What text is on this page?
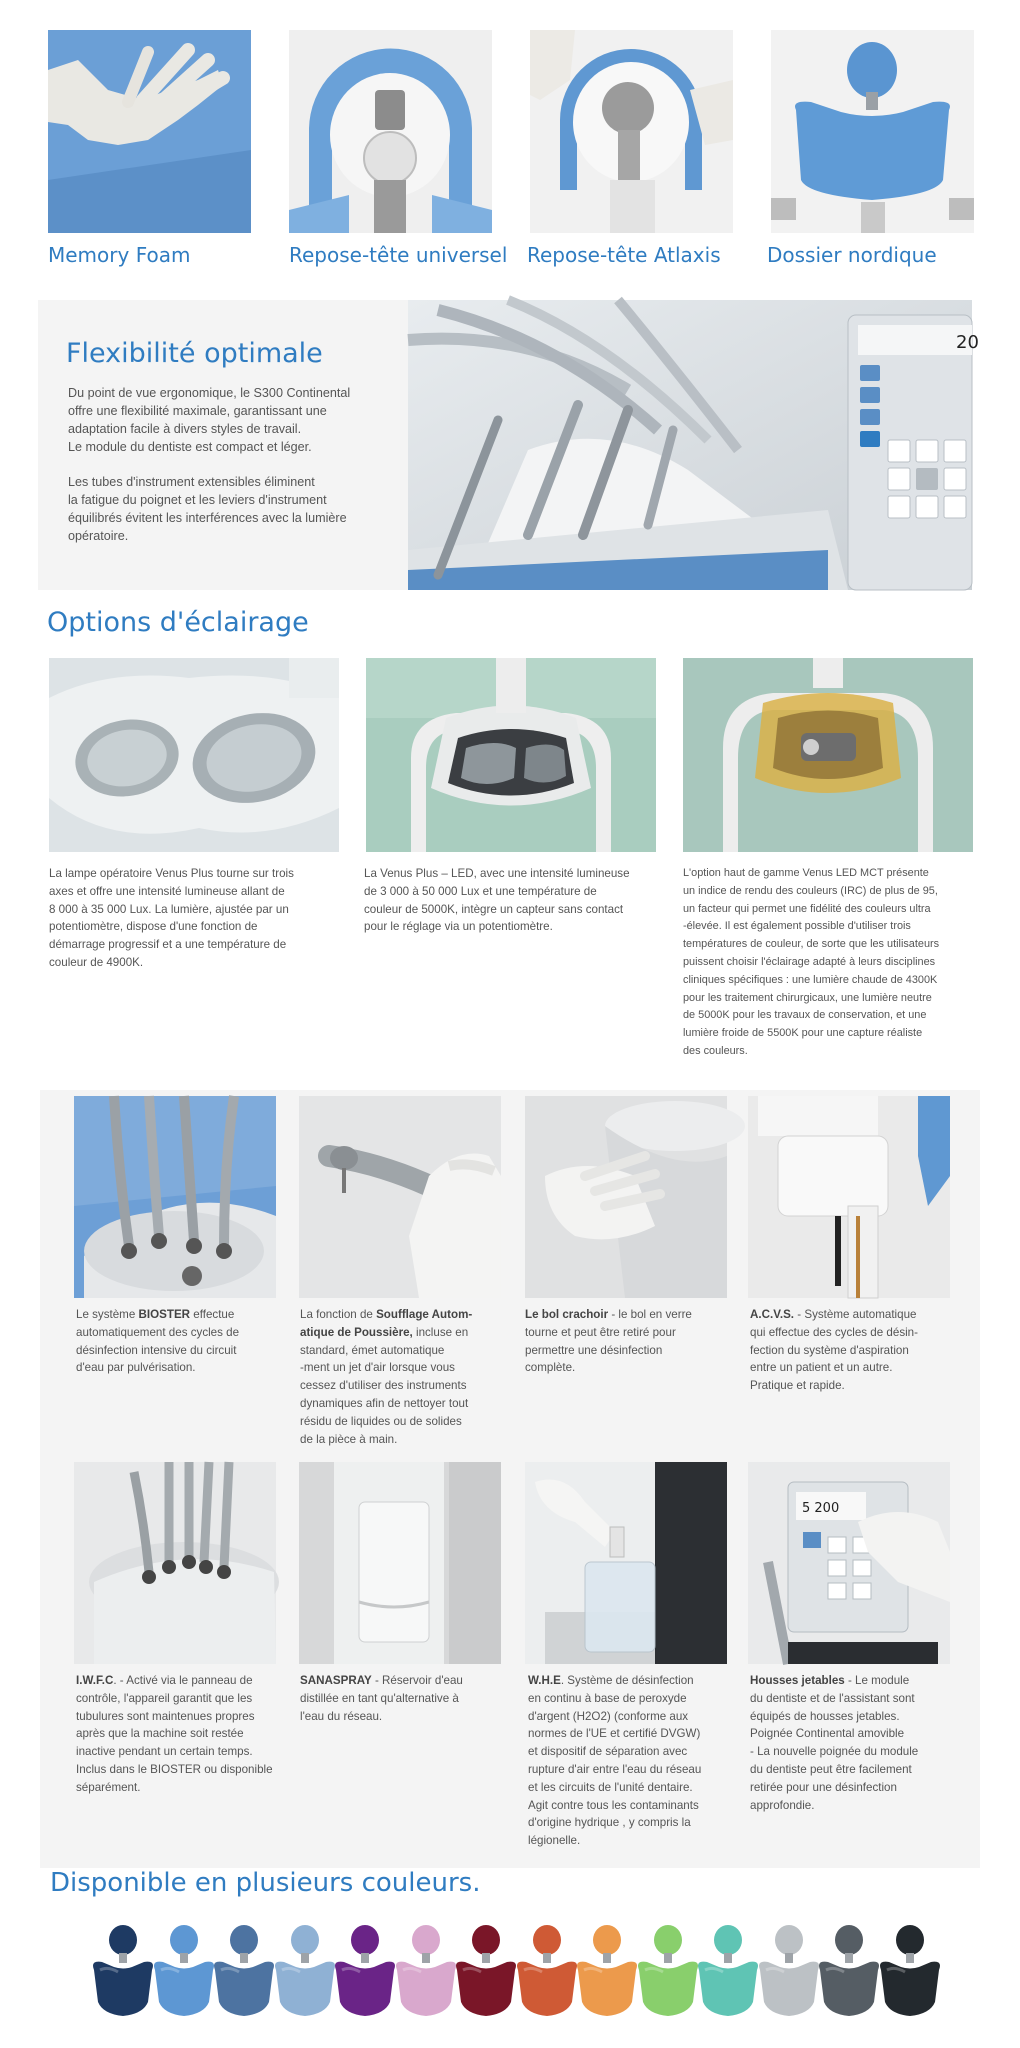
Memory Foam	Repose-tête universel Repose-tête Atlaxis Dossier nordique
Flexibilité optimale
Du point de vue ergonomique, le S300 Continental
offre une flexibilité maximale, garantissant une
adaptation facile à divers styles de travail.
Le module du dentiste est compact et léger.
Les tubes d'instrument extensibles éliminent
la fatigue du poignet et les leviers d'instrument
équilibrés évitent les interférences avec la lumière
opératoire.
20
Options d'éclairage
La lampe opératoire Venus Plus tourne sur trois
axes et offre une intensité lumineuse allant de
8 000 à 35 000 Lux. La lumière, ajustée par un
potentiomètre, dispose d'une fonction de
démarrage progressif et a une température de
couleur de 4900K.
La Venus Plus – LED, avec une intensité lumineuse
de 3 000 à 50 000 Lux et une température de
couleur de 5000K, intègre un capteur sans contact
pour le réglage via un potentiomètre.
L'option haut de gamme Venus LED MCT présente
un indice de rendu des couleurs (IRC) de plus de 95,
un facteur qui permet une fidélité des couleurs ultra
-élevée. Il est également possible d'utiliser trois
températures de couleur, de sorte que les utilisateurs
puissent choisir l'éclairage adapté à leurs disciplines
cliniques spécifiques : une lumière chaude de 4300K
pour les traitement chirurgicaux, une lumière neutre
de 5000K pour les travaux de conservation, et une
lumière froide de 5500K pour une capture réaliste
des couleurs.
Le système BIOSTER effectue
automatiquement des cycles de
désinfection intensive du circuit
d'eau par pulvérisation.
La fonction de Soufflage Autom-
atique de Poussière, incluse en
standard, émet automatique
-ment un jet d'air lorsque vous
cessez d'utiliser des instruments
dynamiques afin de nettoyer tout
résidu de liquides ou de solides
de la pièce à main.
Le bol crachoir - le bol en verre
tourne et peut être retiré pour
permettre une désinfection
complète.
A.C.V.S. - Système automatique
qui effectue des cycles de désin-
fection du système d'aspiration
entre un patient et un autre.
Pratique et rapide.
5 200
I.W.F.C. - Activé via le panneau de
contrôle, l'appareil garantit que les
tubulures sont maintenues propres
après que la machine soit restée
inactive pendant un certain temps.
Inclus dans le BIOSTER ou disponible
séparément.
SANASPRAY - Réservoir d'eau
distillée en tant qu'alternative à
l'eau du réseau.
W.H.E. Système de désinfection
en continu à base de peroxyde
d'argent (H2O2) (conforme aux
normes de l'UE et certifié DVGW)
et dispositif de séparation avec
rupture d'air entre l'eau du réseau
et les circuits de l'unité dentaire.
Agit contre tous les contaminants
d'origine hydrique , y compris la
légionelle.
Housses jetables - Le module
du dentiste et de l'assistant sont
équipés de housses jetables.
Poignée Continental amovible
- La nouvelle poignée du module
du dentiste peut être facilement
retirée pour une désinfection
approfondie.
Disponible en plusieurs couleurs.
